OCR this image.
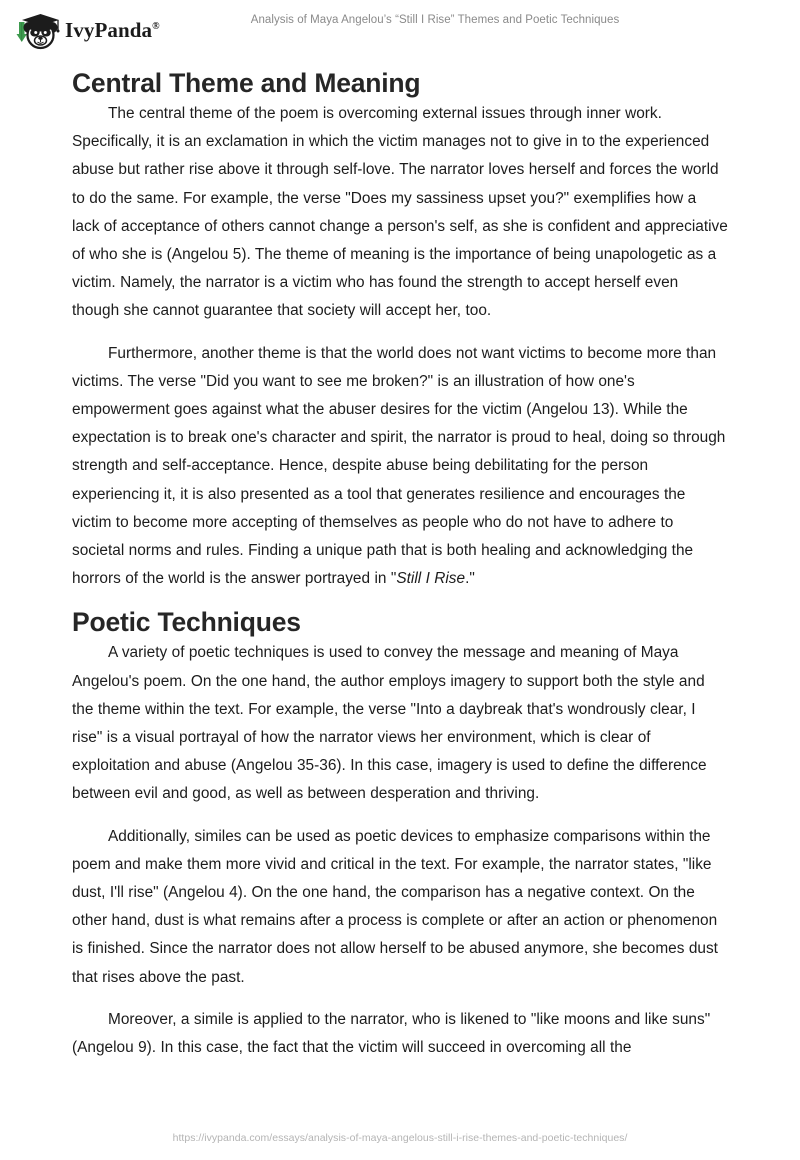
IvyPanda®	Analysis of Maya Angelou’s “Still I Rise” Themes and Poetic Techniques
Central Theme and Meaning

The central theme of the poem is overcoming external issues through inner work. Specifically, it is an exclamation in which the victim manages not to give in to the experienced abuse but rather rise above it through self-love. The narrator loves herself and forces the world to do the same. For example, the verse "Does my sassiness upset you?" exemplifies how a lack of acceptance of others cannot change a person's self, as she is confident and appreciative of who she is (Angelou 5). The theme of meaning is the importance of being unapologetic as a victim. Namely, the narrator is a victim who has found the strength to accept herself even though she cannot guarantee that society will accept her, too.

Furthermore, another theme is that the world does not want victims to become more than victims. The verse "Did you want to see me broken?" is an illustration of how one's empowerment goes against what the abuser desires for the victim (Angelou 13). While the expectation is to break one's character and spirit, the narrator is proud to heal, doing so through strength and self-acceptance. Hence, despite abuse being debilitating for the person experiencing it, it is also presented as a tool that generates resilience and encourages the victim to become more accepting of themselves as people who do not have to adhere to societal norms and rules. Finding a unique path that is both healing and acknowledging the horrors of the world is the answer portrayed in "Still I Rise."

Poetic Techniques

A variety of poetic techniques is used to convey the message and meaning of Maya Angelou's poem. On the one hand, the author employs imagery to support both the style and the theme within the text. For example, the verse "Into a daybreak that's wondrously clear, I rise" is a visual portrayal of how the narrator views her environment, which is clear of exploitation and abuse (Angelou 35-36). In this case, imagery is used to define the difference between evil and good, as well as between desperation and thriving.

Additionally, similes can be used as poetic devices to emphasize comparisons within the poem and make them more vivid and critical in the text. For example, the narrator states, "like dust, I'll rise" (Angelou 4). On the one hand, the comparison has a negative context. On the other hand, dust is what remains after a process is complete or after an action or phenomenon is finished. Since the narrator does not allow herself to be abused anymore, she becomes dust that rises above the past.

Moreover, a simile is applied to the narrator, who is likened to "like moons and like suns" (Angelou 9). In this case, the fact that the victim will succeed in overcoming all the

https://ivypanda.com/essays/analysis-of-maya-angelous-still-i-rise-themes-and-poetic-techniques/
